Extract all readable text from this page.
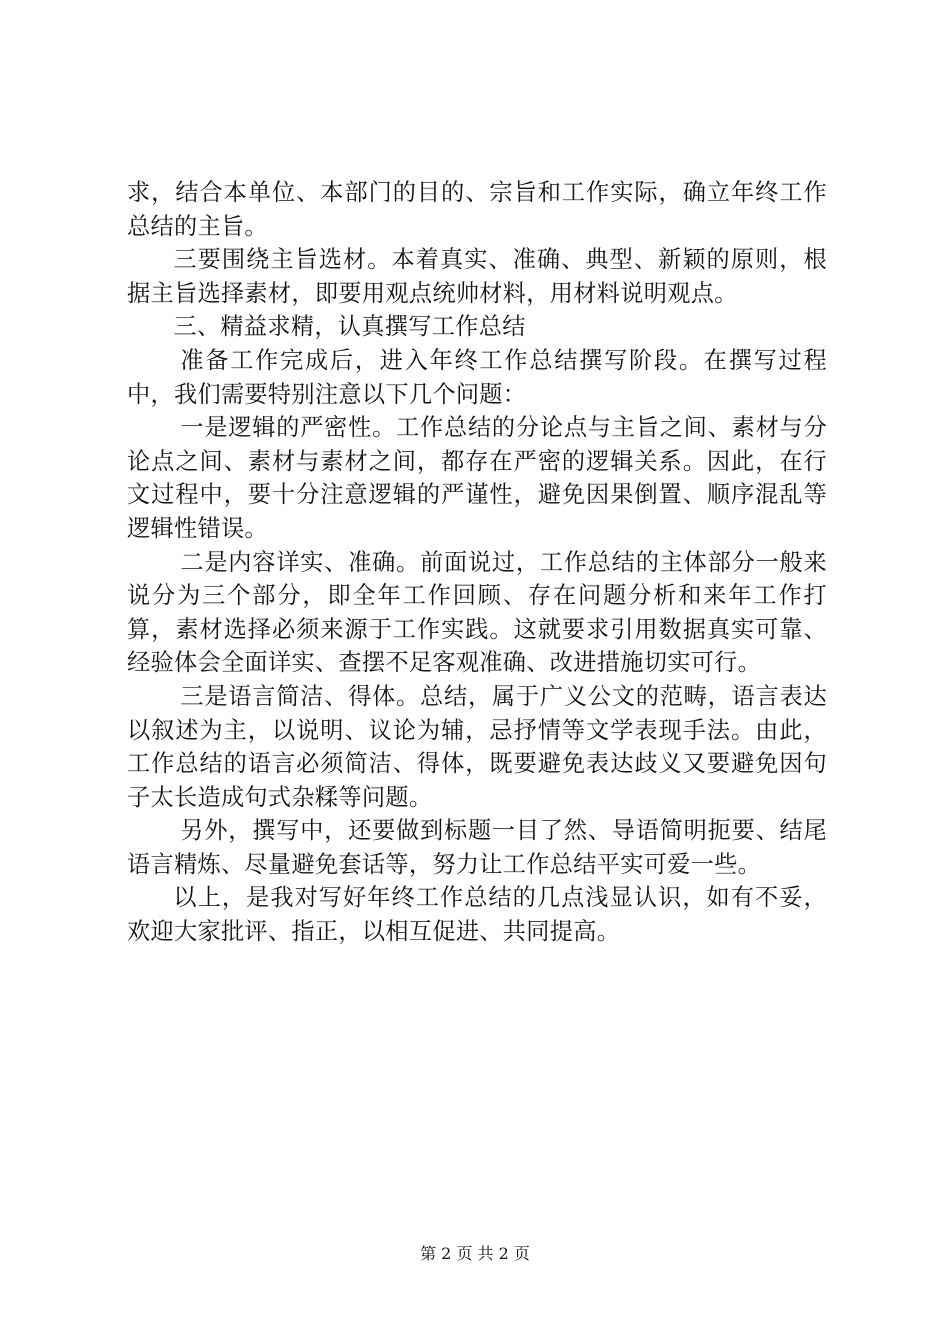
求，结合本单位、本部门的目的、宗旨和工作实际，确立年终工作总结的主旨。

三要围绕主旨选材。本着真实、准确、典型、新颖的原则，根据主旨选择素材，即要用观点统帅材料，用材料说明观点。

三、精益求精，认真撰写工作总结

准备工作完成后，进入年终工作总结撰写阶段。在撰写过程中，我们需要特别注意以下几个问题：

一是逻辑的严密性。工作总结的分论点与主旨之间、素材与分论点之间、素材与素材之间，都存在严密的逻辑关系。因此，在行文过程中，要十分注意逻辑的严谨性，避免因果倒置、顺序混乱等逻辑性错误。

二是内容详实、准确。前面说过，工作总结的主体部分一般来说分为三个部分，即全年工作回顾、存在问题分析和来年工作打算，素材选择必须来源于工作实践。这就要求引用数据真实可靠、经验体会全面详实、查摆不足客观准确、改进措施切实可行。

三是语言简洁、得体。总结，属于广义公文的范畴，语言表达以叙述为主，以说明、议论为辅，忌抒情等文学表现手法。由此，工作总结的语言必须简洁、得体，既要避免表达歧义又要避免因句子太长造成句式杂糅等问题。

另外，撰写中，还要做到标题一目了然、导语简明扼要、结尾语言精炼、尽量避免套话等，努力让工作总结平实可爱一些。

以上，是我对写好年终工作总结的几点浅显认识，如有不妥，欢迎大家批评、指正，以相互促进、共同提高。

第 2 页 共 2 页
